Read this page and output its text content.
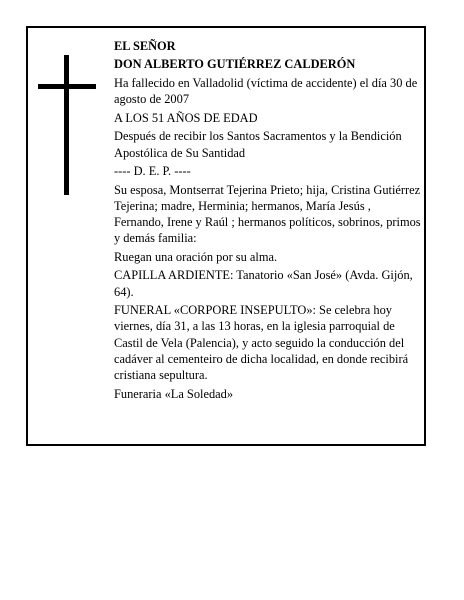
EL SEÑOR

DON ALBERTO GUTIÉRREZ CALDERÓN

Ha fallecido en Valladolid (víctima de accidente) el día 30 de agosto de 2007

A LOS 51 AÑOS DE EDAD

Después de recibir los Santos Sacramentos y la Bendición Apostólica de Su Santidad

---- D. E. P. ----

Su esposa, Montserrat Tejerina Prieto; hija, Cristina Gutiérrez Tejerina; madre, Herminia; hermanos, María Jesús , Fernando, Irene y Raúl ; hermanos políticos, sobrinos, primos y demás familia:

Ruegan una oración por su alma.

CAPILLA ARDIENTE: Tanatorio «San José» (Avda. Gijón, 64).

FUNERAL «CORPORE INSEPULTO»: Se celebra hoy viernes, día 31, a las 13 horas, en la iglesia parroquial de Castil de Vela (Palencia), y acto seguido la conducción del cadáver al cementeiro de dicha localidad, en donde recibirá cristiana sepultura.

Funeraria «La Soledad»
